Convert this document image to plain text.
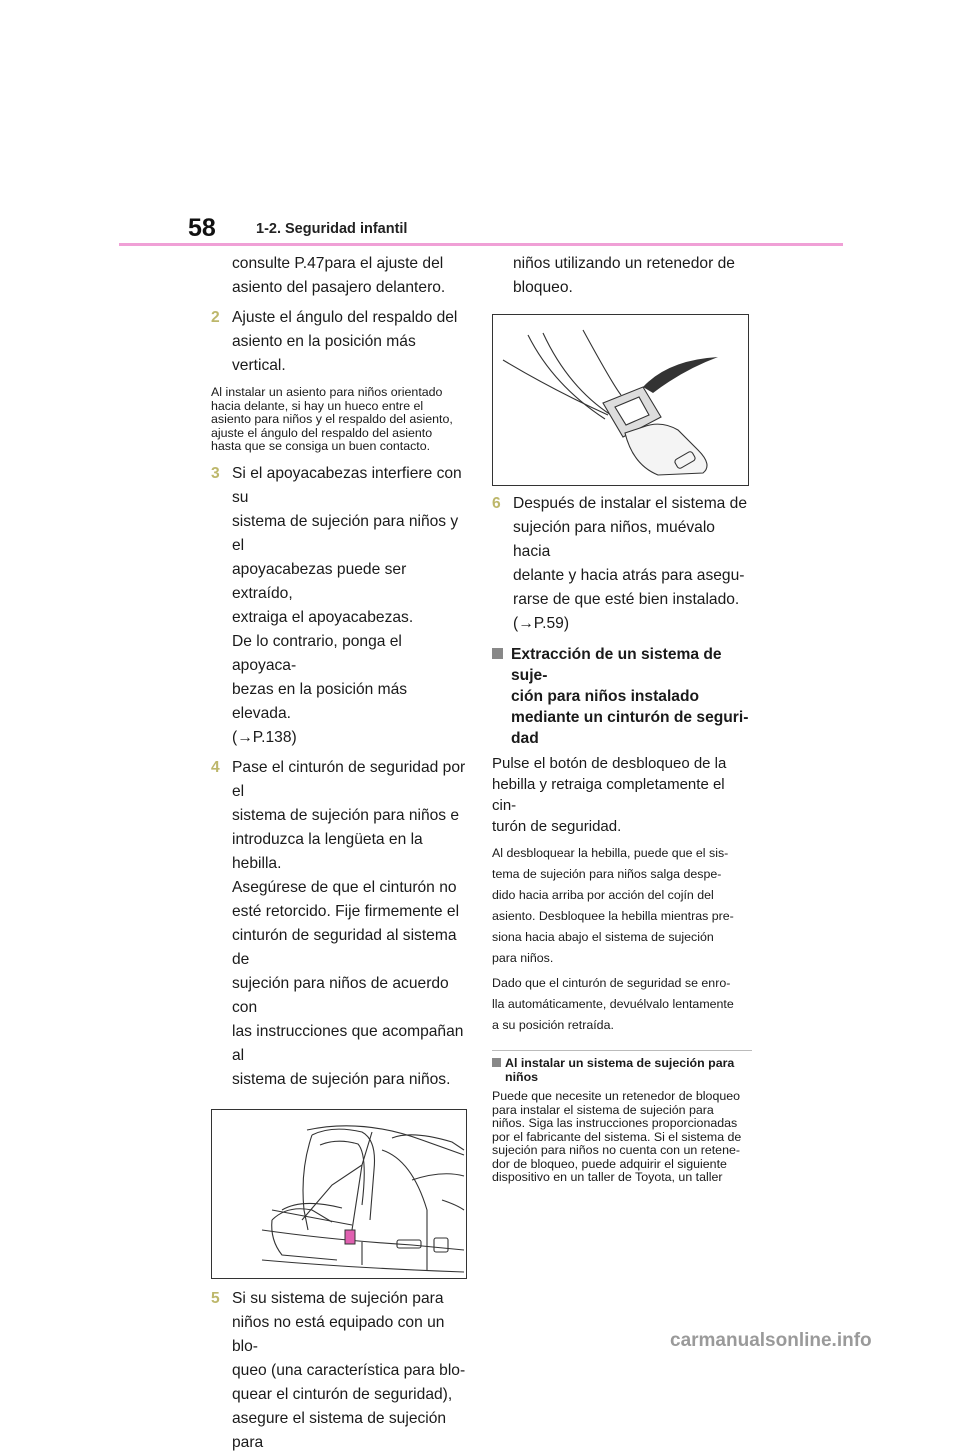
58	1-2. Seguridad infantil
consulte P.47para el ajuste del
asiento del pasajero delantero.
2 Ajuste el ángulo del respaldo del
asiento en la posición más vertical.
Al instalar un asiento para niños orientado
hacia delante, si hay un hueco entre el
asiento para niños y el respaldo del asiento,
ajuste el ángulo del respaldo del asiento
hasta que se consiga un buen contacto.
3 Si el apoyacabezas interfiere con su
sistema de sujeción para niños y el
apoyacabezas puede ser extraído,
extraiga el apoyacabezas.
De lo contrario, ponga el apoyaca-
bezas en la posición más elevada.
(→P.138)
4 Pase el cinturón de seguridad por el
sistema de sujeción para niños e
introduzca la lengüeta en la hebilla.
Asegúrese de que el cinturón no
esté retorcido. Fije firmemente el
cinturón de seguridad al sistema de
sujeción para niños de acuerdo con
las instrucciones que acompañan al
sistema de sujeción para niños.
5 Si su sistema de sujeción para
niños no está equipado con un blo-
queo (una característica para blo-
quear el cinturón de seguridad),
asegure el sistema de sujeción para
niños utilizando un retenedor de
bloqueo.
6 Después de instalar el sistema de
sujeción para niños, muévalo hacia
delante y hacia atrás para asegu-
rarse de que esté bien instalado.
(→P.59)
Extracción de un sistema de suje-
ción para niños instalado
mediante un cinturón de seguri-
dad
Pulse el botón de desbloqueo de la
hebilla y retraiga completamente el cin-
turón de seguridad.
Al desbloquear la hebilla, puede que el sis-
tema de sujeción para niños salga despe-
dido hacia arriba por acción del cojín del
asiento. Desbloquee la hebilla mientras pre-
siona hacia abajo el sistema de sujeción
para niños.
Dado que el cinturón de seguridad se enro-
lla automáticamente, devuélvalo lentamente
a su posición retraída.
Al instalar un sistema de sujeción para
niños
Puede que necesite un retenedor de bloqueo
para instalar el sistema de sujeción para
niños. Siga las instrucciones proporcionadas
por el fabricante del sistema. Si el sistema de
sujeción para niños no cuenta con un retene-
dor de bloqueo, puede adquirir el siguiente
dispositivo en un taller de Toyota, un taller
carmanualsonline.info
